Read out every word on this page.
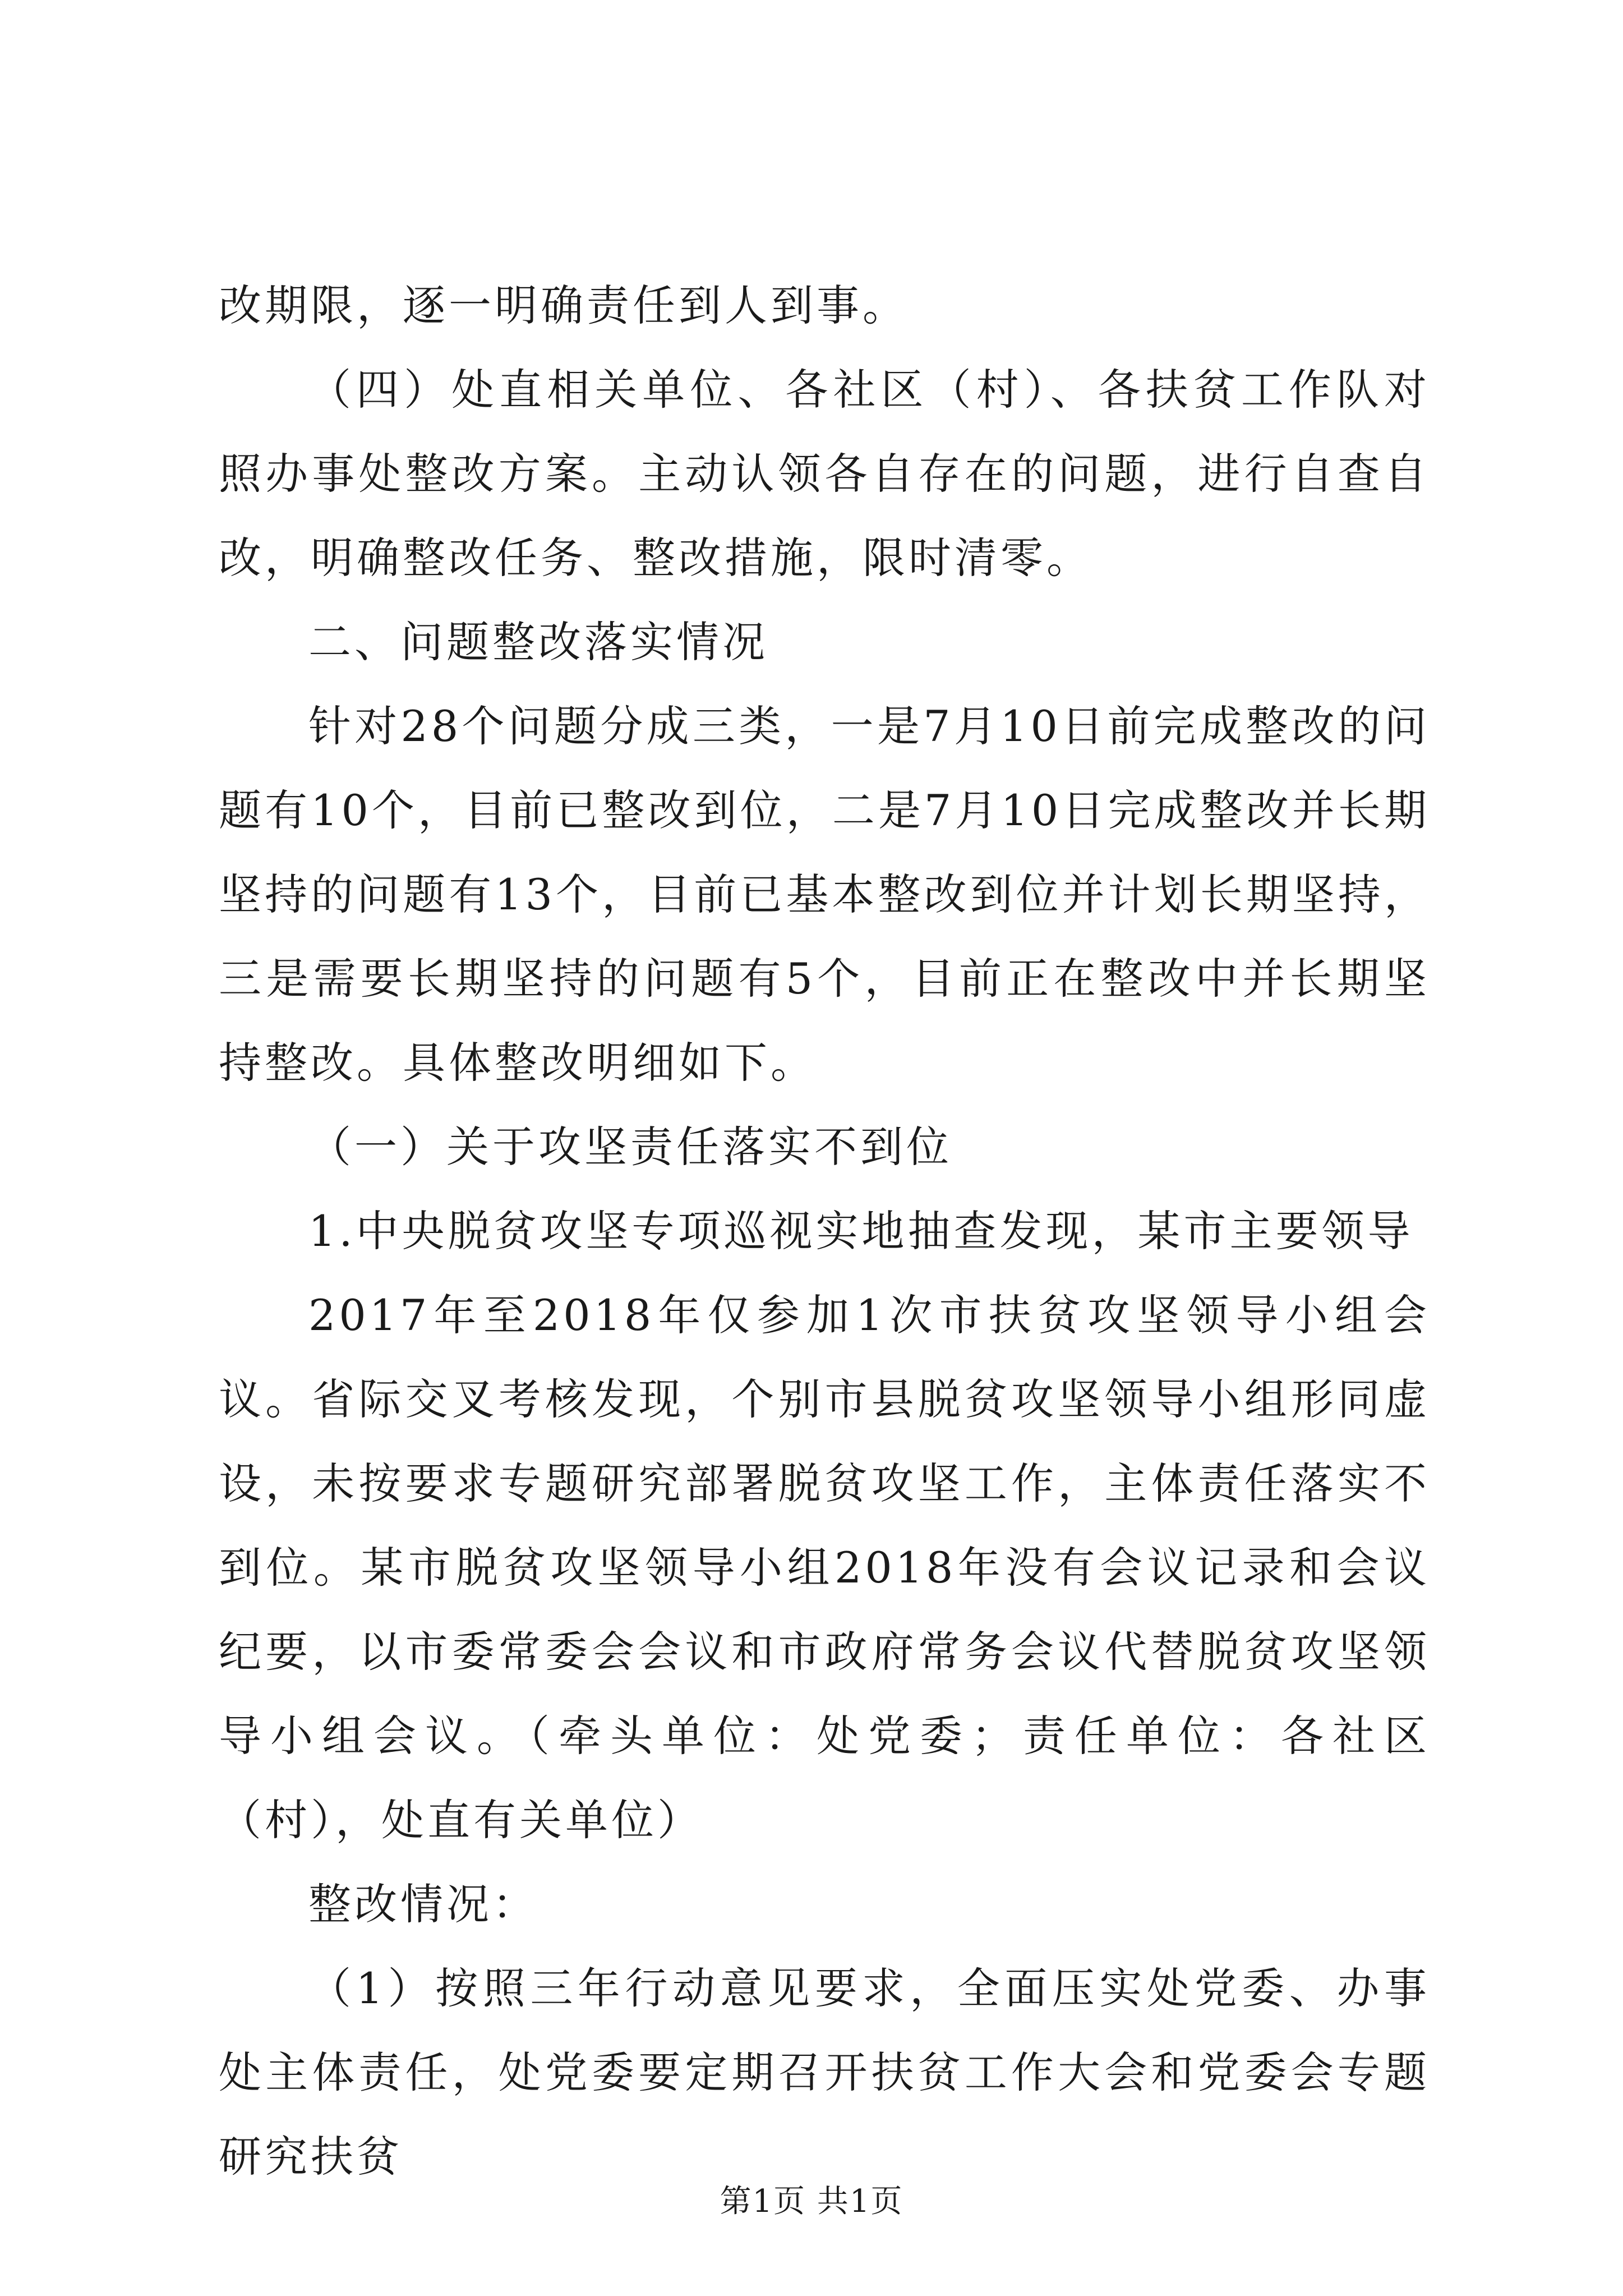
改期限，逐一明确责任到人到事。

（四）处直相关单位、各社区（村）、各扶贫工作队对照办事处整改方案。主动认领各自存在的问题，进行自查自改，明确整改任务、整改措施，限时清零。

二、问题整改落实情况

针对28个问题分成三类，一是7月10日前完成整改的问题有10个，目前已整改到位，二是7月10日完成整改并长期坚持的问题有13个，目前已基本整改到位并计划长期坚持，三是需要长期坚持的问题有5个，目前正在整改中并长期坚持整改。具体整改明细如下。

（一）关于攻坚责任落实不到位

1.中央脱贫攻坚专项巡视实地抽查发现，某市主要领导

2017年至2018年仅参加1次市扶贫攻坚领导小组会议。省际交叉考核发现，个别市县脱贫攻坚领导小组形同虚设，未按要求专题研究部署脱贫攻坚工作，主体责任落实不到位。某市脱贫攻坚领导小组2018年没有会议记录和会议纪要，以市委常委会会议和市政府常务会议代替脱贫攻坚领导小组会议。（牵头单位：处党委；责任单位：各社区（村），处直有关单位）

整改情况：

（1）按照三年行动意见要求，全面压实处党委、办事处主体责任，处党委要定期召开扶贫工作大会和党委会专题研究扶贫

第1页 共1页
